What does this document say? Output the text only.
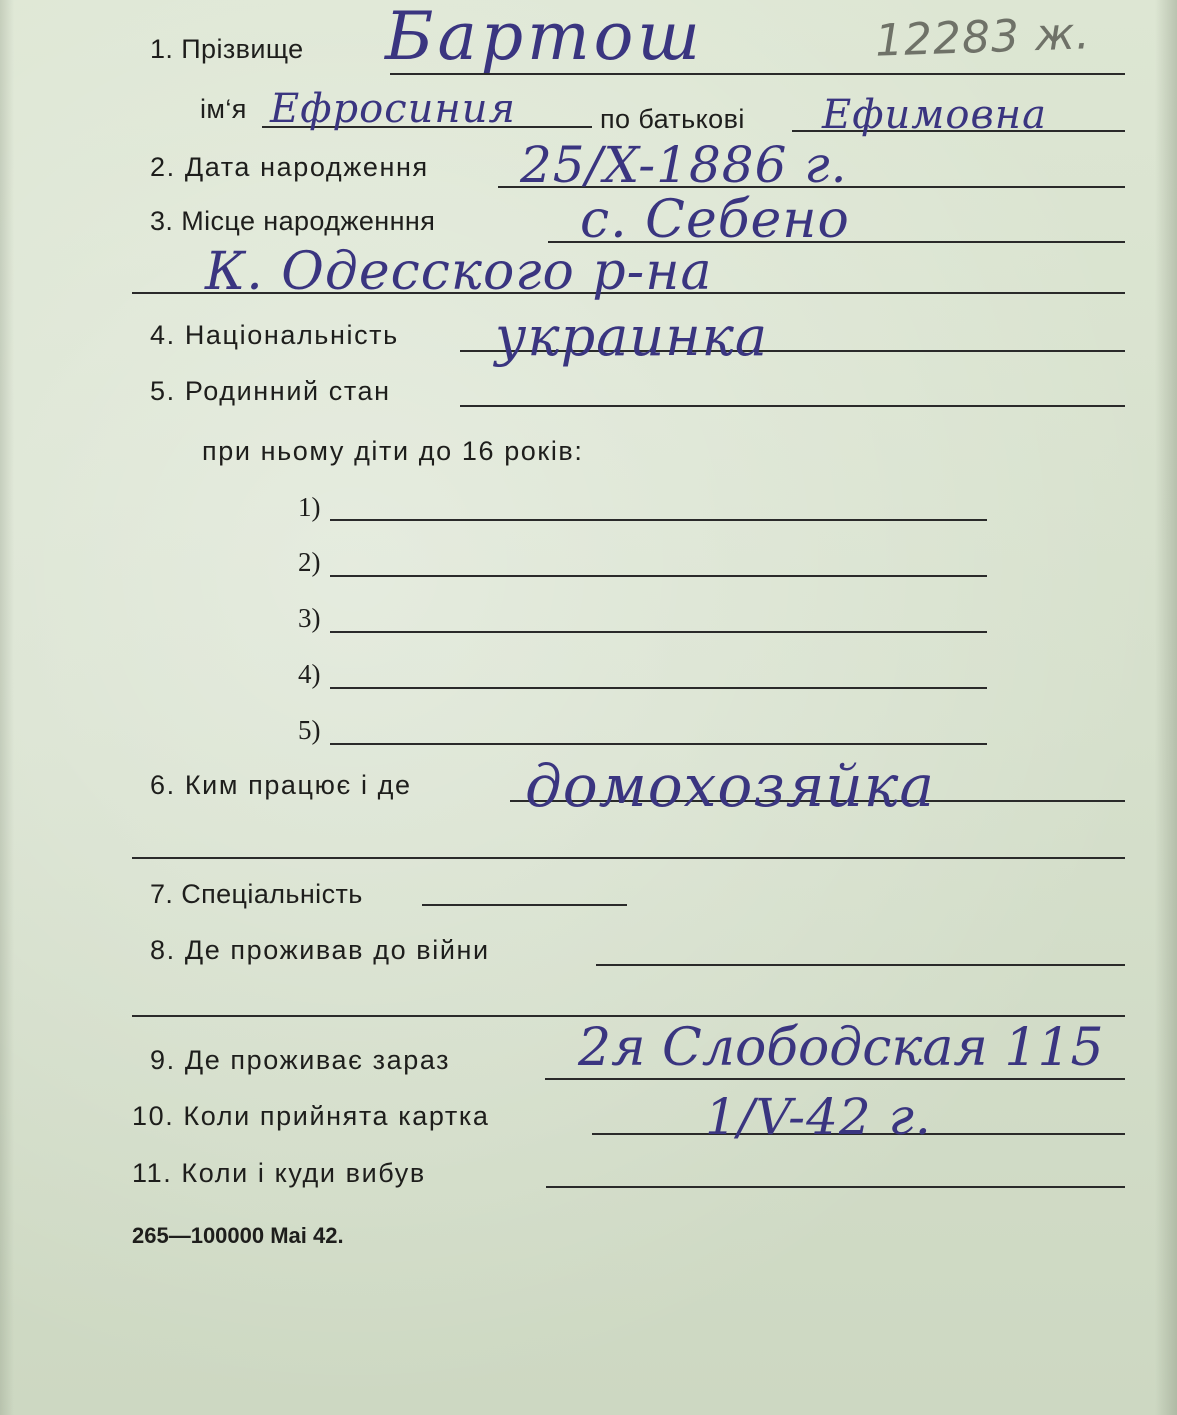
12283 ж.
1. Прізвище Бартош
ім‘я Ефросиния	по батькові Ефимовна
2. Дата народження 25/X-1886 г.
3. Місце народженння	с. Себено
К. Одесского р-на
4. Національність украинка
5. Родинний стан
при ньому діти до 16 років:
1)
2)
3)
4)
5)
6. Ким працює і де домохозяйка
7. Спеціальність
8. Де проживав до війни
9. Де проживає зараз 2я Слободская 115
10. Коли прийнята картка	1/V-42 г.
11. Коли і куди вибув
265—100000 Mai 42.
